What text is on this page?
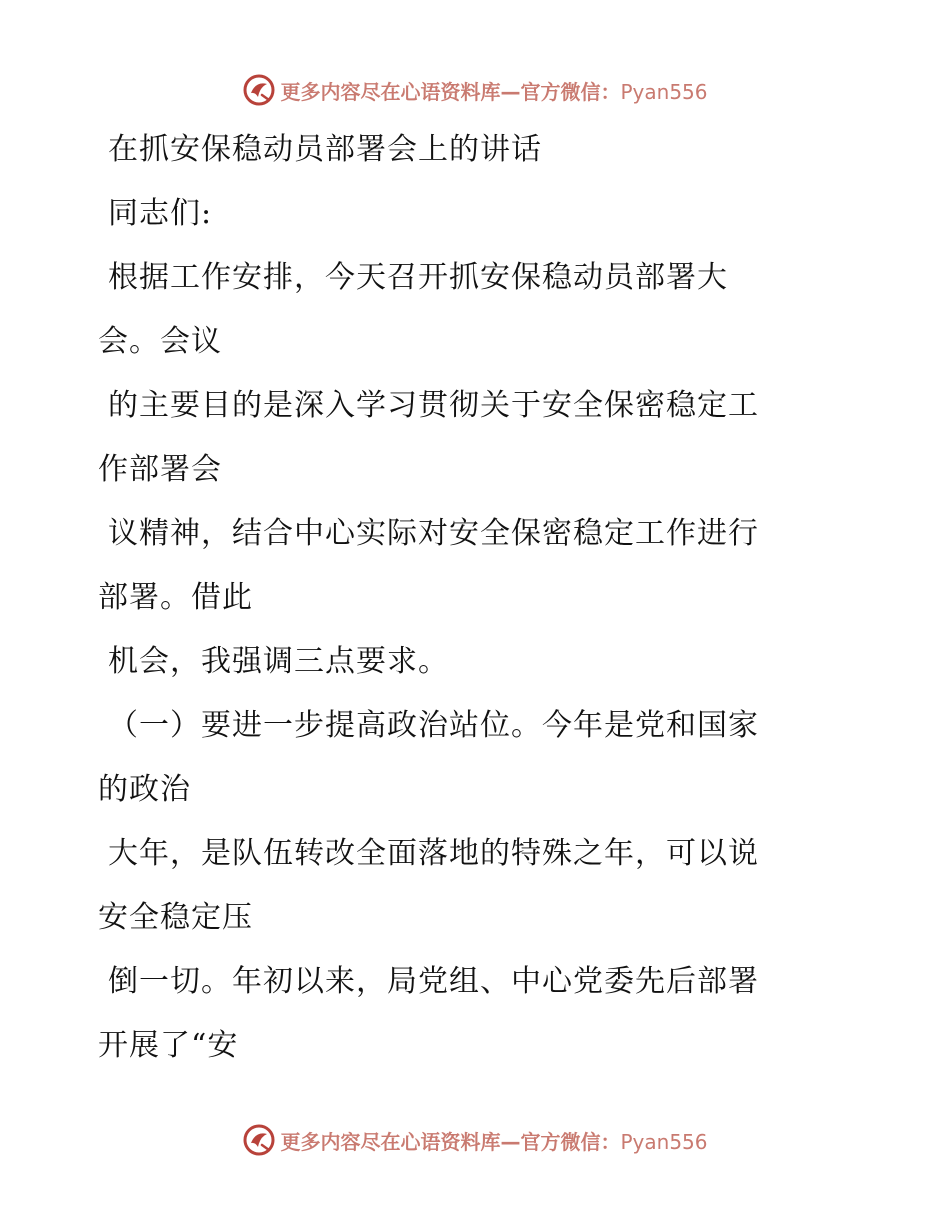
更多内容尽在心语资料库—官方微信：Pyan556
在抓安保稳动员部署会上的讲话
同志们:
根据工作安排，今天召开抓安保稳动员部署大
会。会议
的主要目的是深入学习贯彻关于安全保密稳定工
作部署会
议精神，结合中心实际对安全保密稳定工作进行
部署。借此
机会，我强调三点要求。
（一）要进一步提高政治站位。今年是党和国家
的政治
大年，是队伍转改全面落地的特殊之年，可以说
安全稳定压
倒一切。年初以来，局党组、中心党委先后部署
开展了“安
更多内容尽在心语资料库—官方微信：Pyan556
